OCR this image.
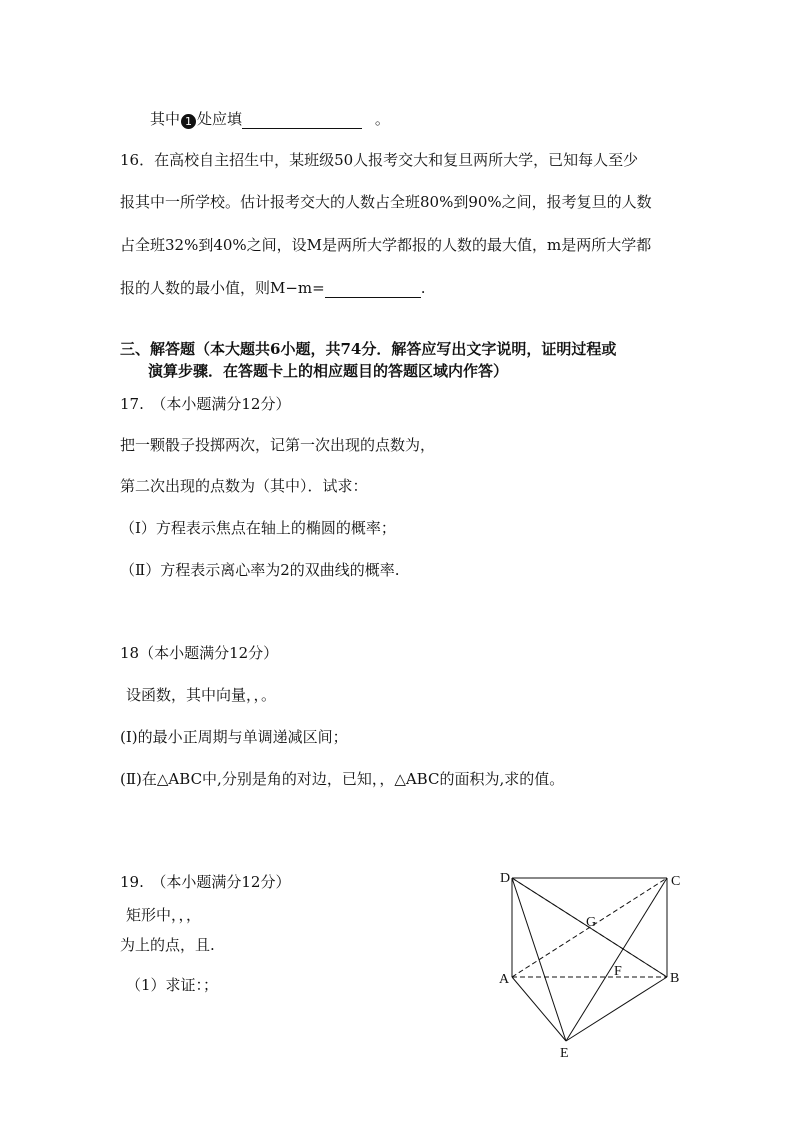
其中 1 处应填	。
16．在高校自主招生中，某班级50人报考交大和复旦两所大学，已知每人至少
报其中一所学校。估计报考交大的人数占全班80%到90%之间，报考复旦的人数
占全班32%到40%之间，设M是两所大学都报的人数的最大值，m是两所大学都
报的人数的最小值，则M−m=	.
三、解答题（本大题共6小题，共74分．解答应写出文字说明，证明过程或
演算步骤．在答题卡上的相应题目的答题区域内作答）
17.　（本小题满分12分）
把一颗骰子投掷两次，记第一次出现的点数为，
第二次出现的点数为（其中）．试求：
（Ⅰ）方程表示焦点在轴上的椭圆的概率；
（Ⅱ）方程表示离心率为2的双曲线的概率.
18（本小题满分12分）
设函数，其中向量，，。
(Ⅰ)的最小正周期与单调递减区间；
(Ⅱ)在△ABC中,分别是角的对边，已知，，△ABC的面积为,求的值。
19.　（本小题满分12分）
矩形中，，，
为上的点，且.
（1）求证：；
D	C
G
F
A	B
E
